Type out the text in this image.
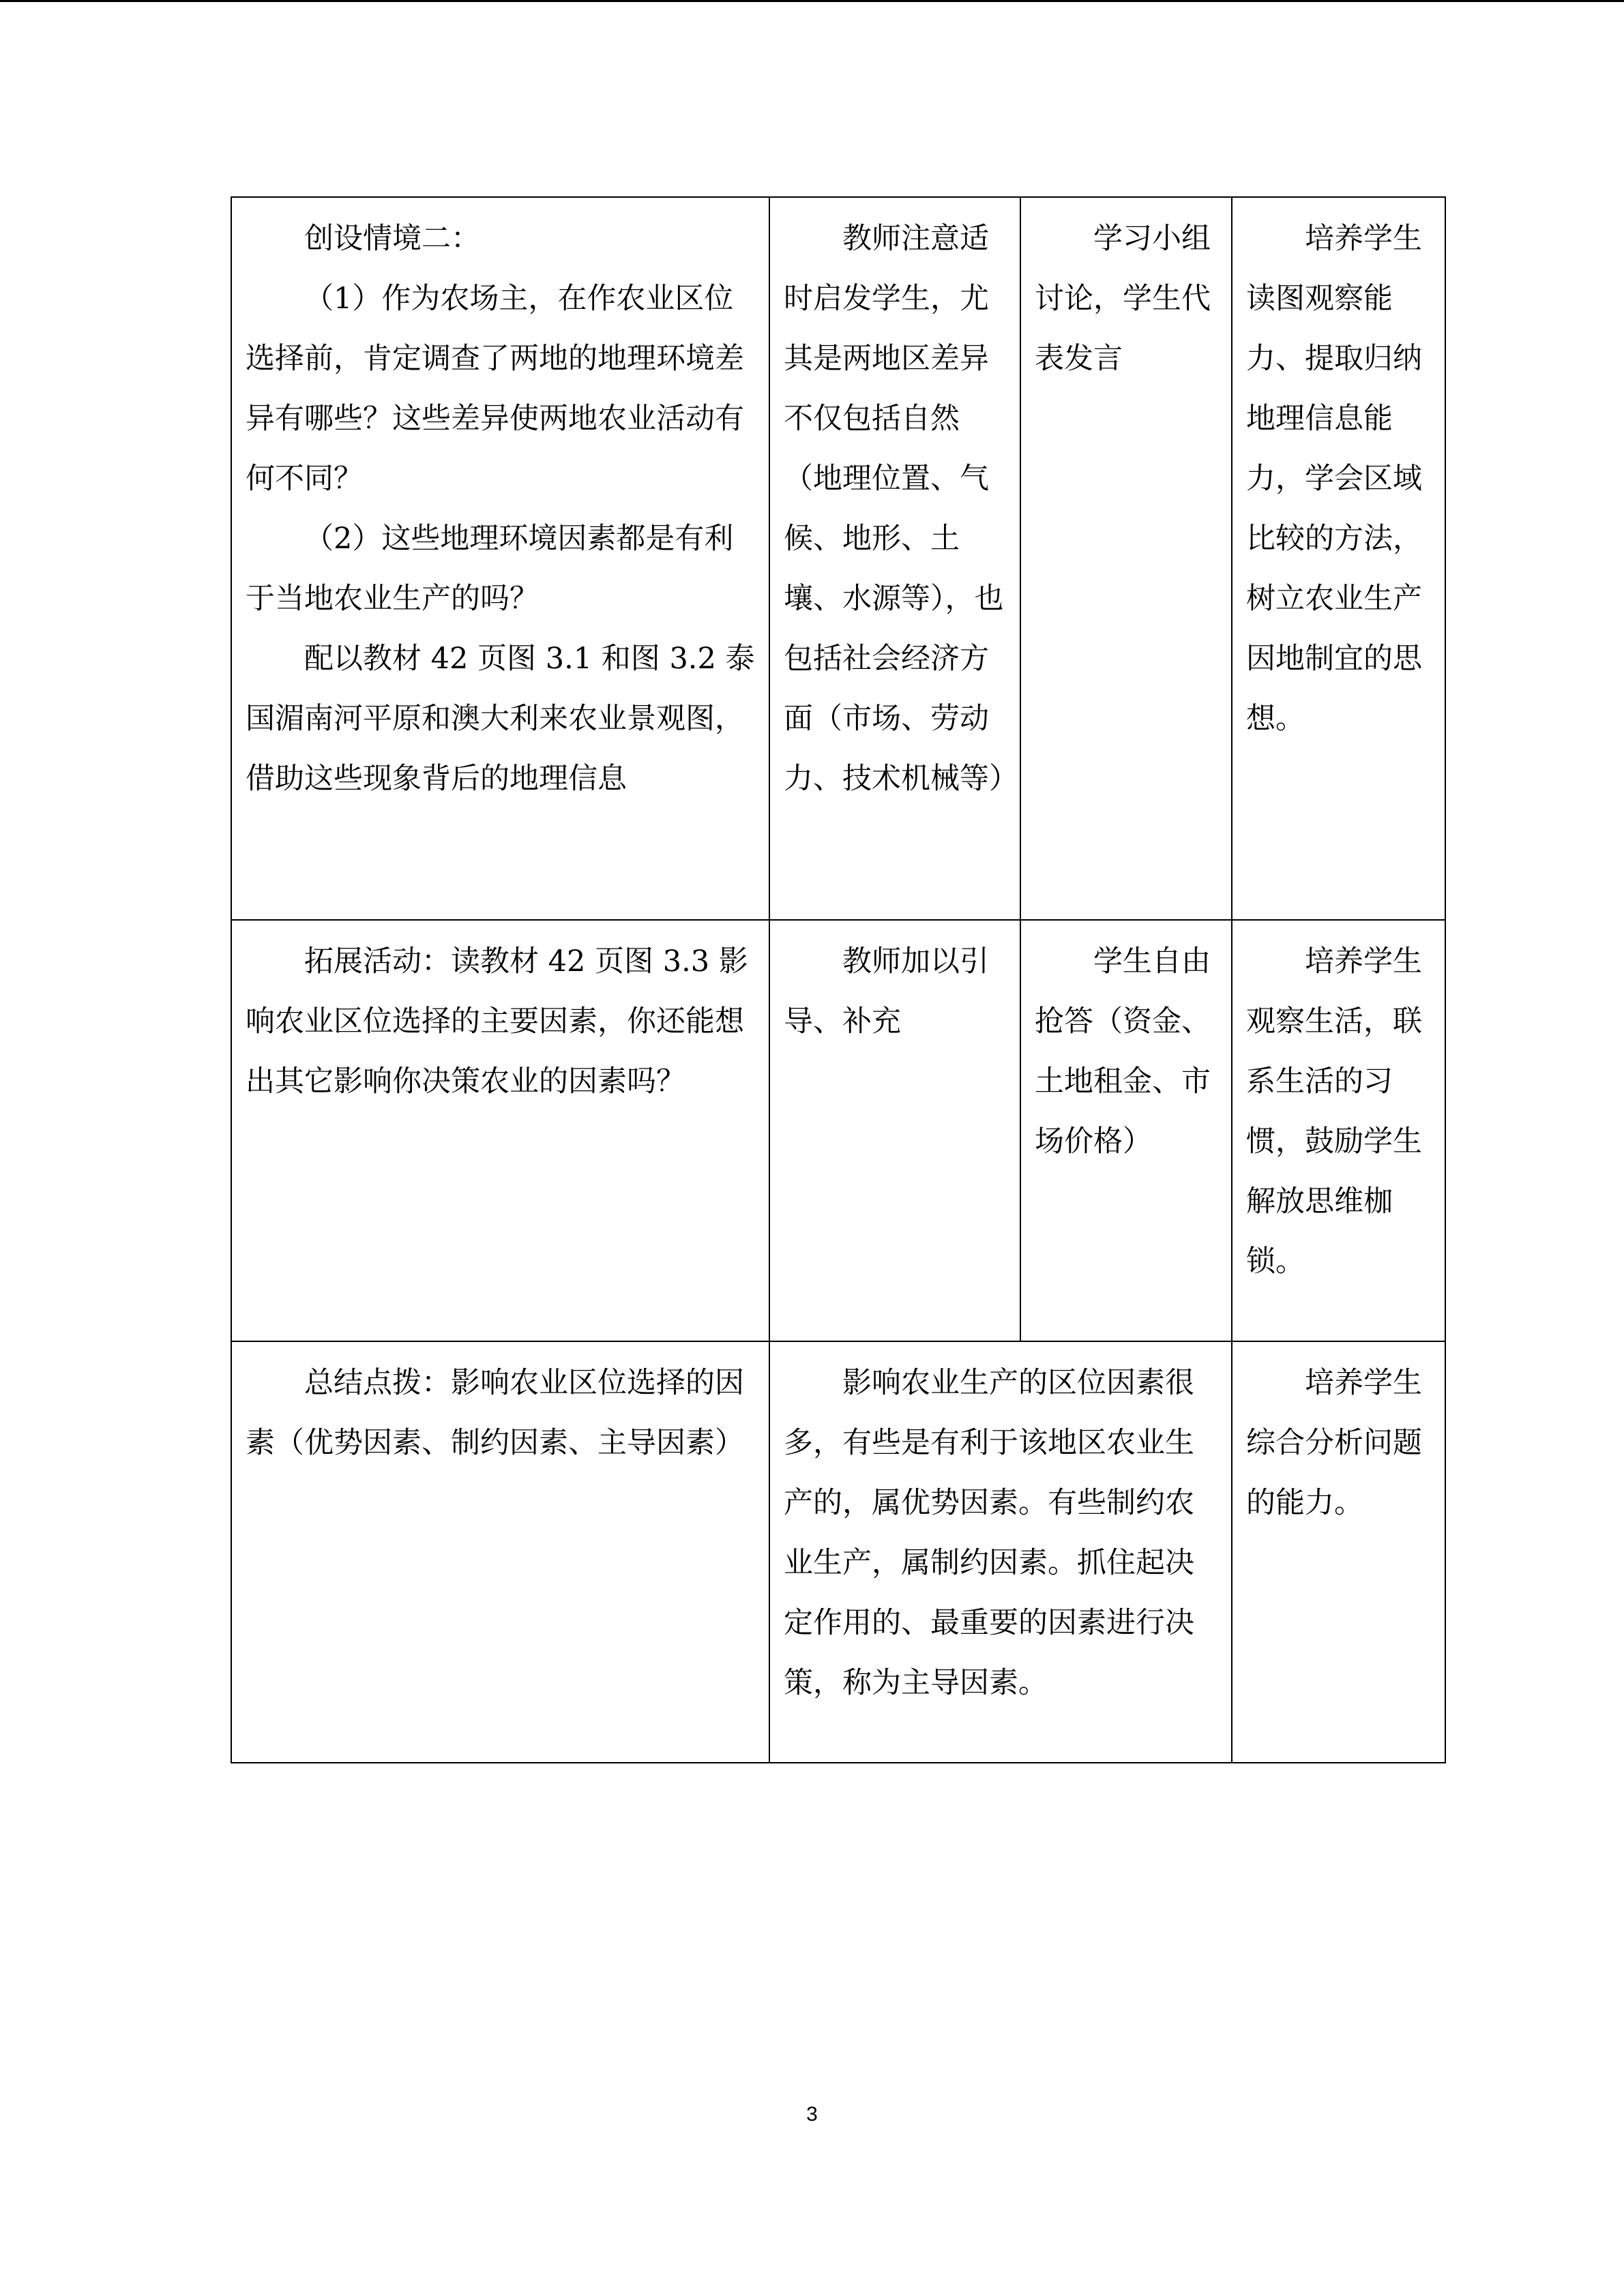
创设情境二：

（1）作为农场主，在作农业区位选择前，肯定调查了两地的地理环境差异有哪些？这些差异使两地农业活动有何不同？

（2）这些地理环境因素都是有利于当地农业生产的吗？

配以教材 42 页图 3.1 和图 3.2 泰国湄南河平原和澳大利来农业景观图，借助这些现象背后的地理信息	教师注意适时启发学生，尤其是两地区差异不仅包括自然（地理位置、气候、地形、土壤、水源等），也包括社会经济方面（市场、劳动力、技术机械等）	学习小组讨论，学生代表发言	培养学生读图观察能力、提取归纳地理信息能力，学会区域比较的方法，树立农业生产因地制宜的思想。

拓展活动：读教材 42 页图 3.3 影响农业区位选择的主要因素，你还能想出其它影响你决策农业的因素吗？	教师加以引导、补充	学生自由抢答（资金、土地租金、市场价格）	培养学生观察生活，联系生活的习惯，鼓励学生解放思维枷锁。

总结点拨：影响农业区位选择的因素（优势因素、制约因素、主导因素）	影响农业生产的区位因素很多，有些是有利于该地区农业生产的，属优势因素。有些制约农业生产，属制约因素。抓住起决定作用的、最重要的因素进行决策，称为主导因素。		培养学生综合分析问题的能力。

3
